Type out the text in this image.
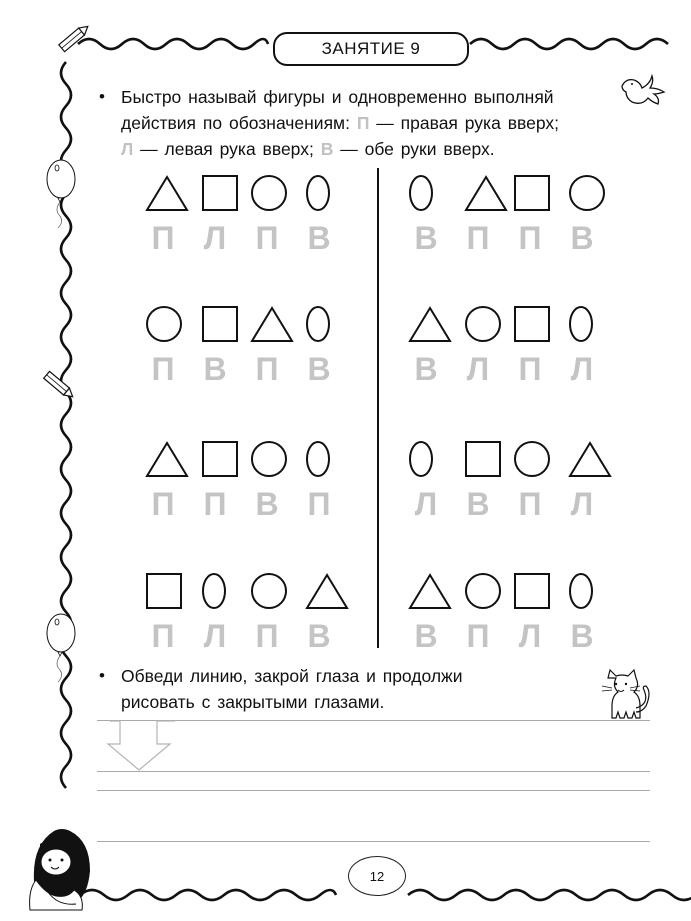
ЗАНЯТИЕ 9
• Быстро называй фигуры и одновременно выполняй
действия по обозначениям: П — правая рука вверх;
Л — левая рука вверх; В — обе руки вверх.
П Л П В
П В П В
П П В П
П Л П В
В П П В
В Л П Л
Л В П Л
В П Л В
• Обведи линию, закрой глаза и продолжи
рисовать с закрытыми глазами.
12
